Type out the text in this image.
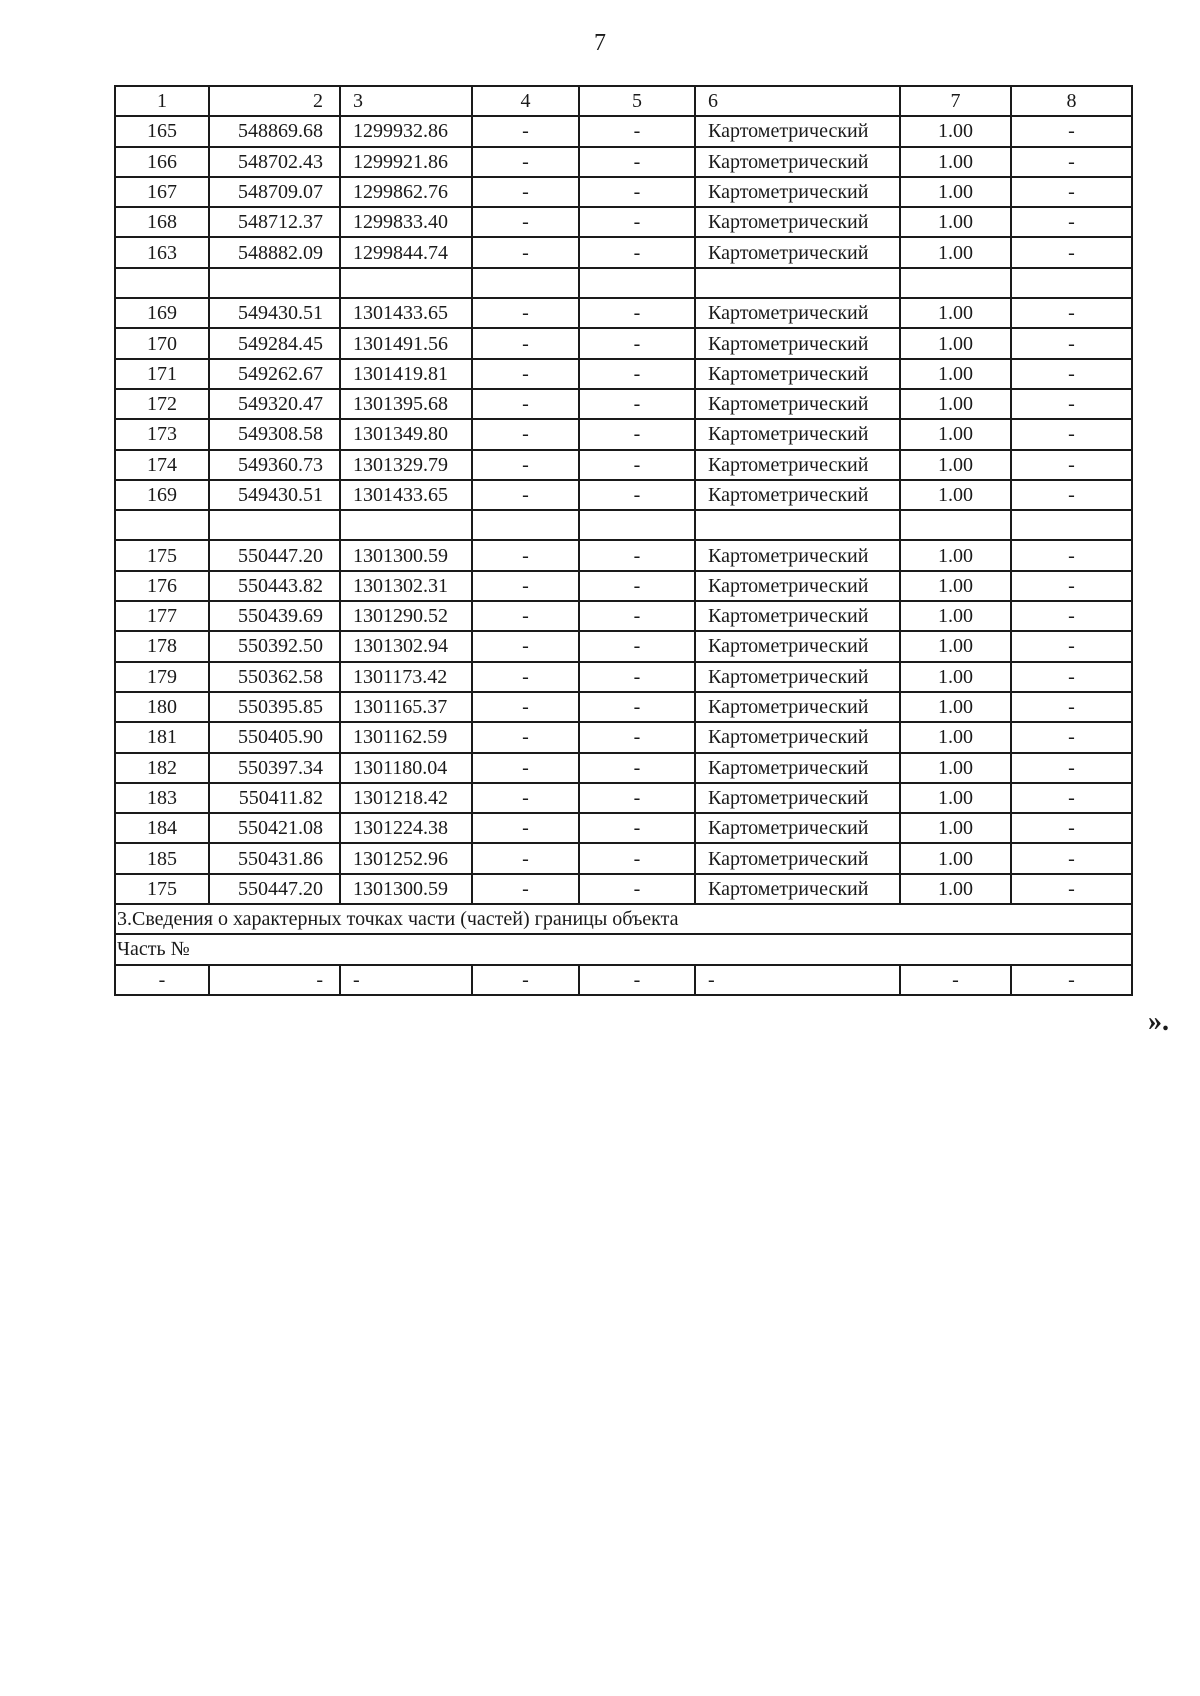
7
1	2	3	4	5	6	7	8
165	548869.68	1299932.86	-	-	Картометрический	1.00	-
166	548702.43	1299921.86	-	-	Картометрический	1.00	-
167	548709.07	1299862.76	-	-	Картометрический	1.00	-
168	548712.37	1299833.40	-	-	Картометрический	1.00	-
163	548882.09	1299844.74	-	-	Картометрический	1.00	-

169	549430.51	1301433.65	-	-	Картометрический	1.00	-
170	549284.45	1301491.56	-	-	Картометрический	1.00	-
171	549262.67	1301419.81	-	-	Картометрический	1.00	-
172	549320.47	1301395.68	-	-	Картометрический	1.00	-
173	549308.58	1301349.80	-	-	Картометрический	1.00	-
174	549360.73	1301329.79	-	-	Картометрический	1.00	-
169	549430.51	1301433.65	-	-	Картометрический	1.00	-

175	550447.20	1301300.59	-	-	Картометрический	1.00	-
176	550443.82	1301302.31	-	-	Картометрический	1.00	-
177	550439.69	1301290.52	-	-	Картометрический	1.00	-
178	550392.50	1301302.94	-	-	Картометрический	1.00	-
179	550362.58	1301173.42	-	-	Картометрический	1.00	-
180	550395.85	1301165.37	-	-	Картометрический	1.00	-
181	550405.90	1301162.59	-	-	Картометрический	1.00	-
182	550397.34	1301180.04	-	-	Картометрический	1.00	-
183	550411.82	1301218.42	-	-	Картометрический	1.00	-
184	550421.08	1301224.38	-	-	Картометрический	1.00	-
185	550431.86	1301252.96	-	-	Картометрический	1.00	-
175	550447.20	1301300.59	-	-	Картометрический	1.00	-
3.Сведения о характерных точках части (частей) границы объекта							
Часть №							
-	-	-	-	-	-	-	-
».
